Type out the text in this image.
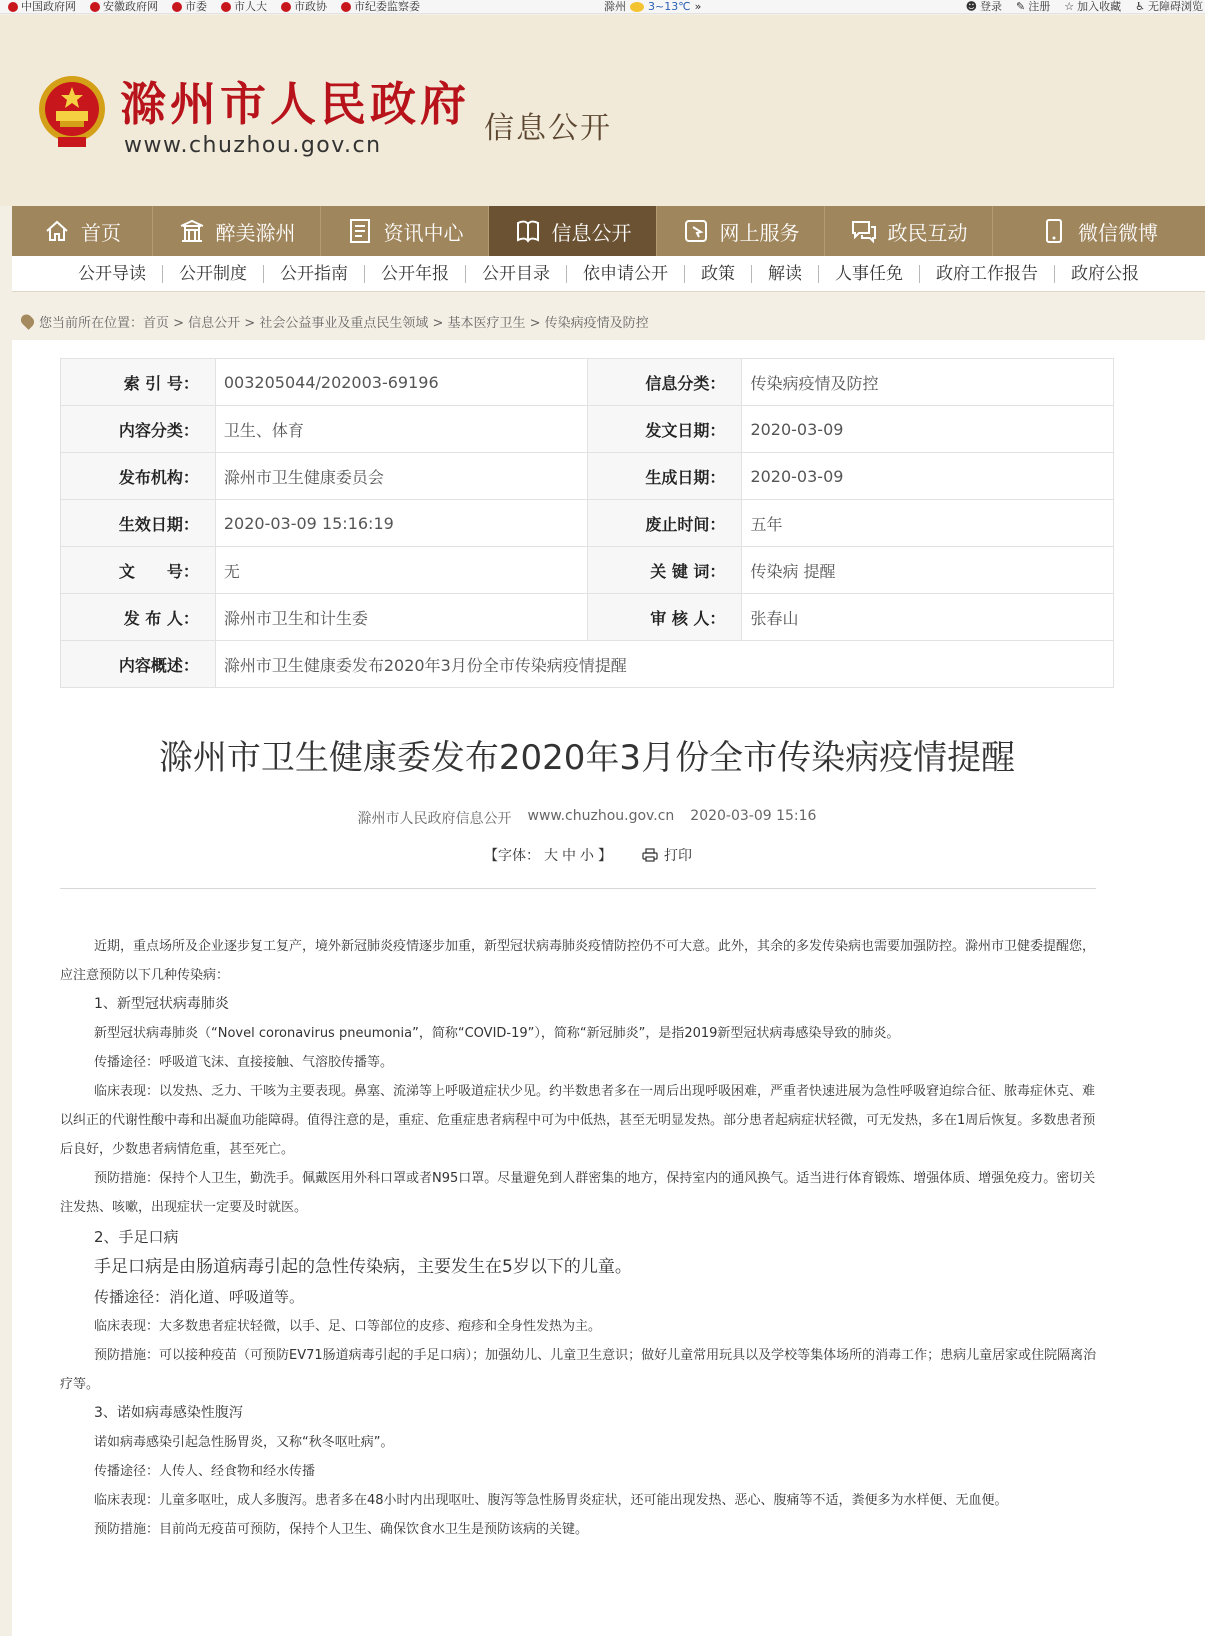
中国政府网 安徽政府网 市委 市人大 市政协 市纪委监察委	滁州 3~13℃ »	☻ 登录 ✎ 注册 ☆ 加入收藏 ♿ 无障碍浏览
滁州市人民政府
www.chuzhou.gov.cn	信息公开
首页	醉美滁州	资讯中心	信息公开	网上服务	政民互动	微信微博
公开导读	公开制度	公开指南	公开年报	公开目录	依申请公开	政策	解读	人事任免	政府工作报告	政府公报
您当前所在位置：首页 > 信息公开 > 社会公益事业及重点民生领域 > 基本医疗卫生 > 传染病疫情及防控
索 引 号：	003205044/202003-69196	信息分类：	传染病疫情及防控
内容分类：	卫生、体育	发文日期：	2020-03-09
发布机构：	滁州市卫生健康委员会	生成日期：	2020-03-09
生效日期：	2020-03-09 15:16:19	废止时间：	五年
文　　号：	无	关 键 词：	传染病 提醒
发 布 人：	滁州市卫生和计生委	审 核 人：	张春山
内容概述：	滁州市卫生健康委发布2020年3月份全市传染病疫情提醒		
滁州市卫生健康委发布2020年3月份全市传染病疫情提醒
滁州市人民政府信息公开 www.chuzhou.gov.cn 2020-03-09 15:16
【字体： 大 中 小 】	打印

近期，重点场所及企业逐步复工复产，境外新冠肺炎疫情逐步加重，新型冠状病毒肺炎疫情防控仍不可大意。此外，其余的多发传染病也需要加强防控。滁州市卫健委提醒您，应注意预防以下几种传染病：

1、新型冠状病毒肺炎

新型冠状病毒肺炎（“Novel coronavirus pneumonia”，简称“COVID-19”），简称“新冠肺炎”，是指2019新型冠状病毒感染导致的肺炎。

传播途径：呼吸道飞沫、直接接触、气溶胶传播等。

临床表现：以发热、乏力、干咳为主要表现。鼻塞、流涕等上呼吸道症状少见。约半数患者多在一周后出现呼吸困难，严重者快速进展为急性呼吸窘迫综合征、脓毒症休克、难以纠正的代谢性酸中毒和出凝血功能障碍。值得注意的是，重症、危重症患者病程中可为中低热，甚至无明显发热。部分患者起病症状轻微，可无发热，多在1周后恢复。多数患者预后良好，少数患者病情危重，甚至死亡。

预防措施：保持个人卫生，勤洗手。佩戴医用外科口罩或者N95口罩。尽量避免到人群密集的地方，保持室内的通风换气。适当进行体育锻炼、增强体质、增强免疫力。密切关注发热、咳嗽，出现症状一定要及时就医。

2、手足口病

手足口病是由肠道病毒引起的急性传染病，主要发生在5岁以下的儿童。

传播途径：消化道、呼吸道等。

临床表现：大多数患者症状轻微，以手、足、口等部位的皮疹、疱疹和全身性发热为主。

预防措施：可以接种疫苗（可预防EV71肠道病毒引起的手足口病）；加强幼儿、儿童卫生意识；做好儿童常用玩具以及学校等集体场所的消毒工作；患病儿童居家或住院隔离治疗等。

3、诺如病毒感染性腹泻

诺如病毒感染引起急性肠胃炎，又称“秋冬呕吐病”。

传播途径：人传人、经食物和经水传播

临床表现：儿童多呕吐，成人多腹泻。患者多在48小时内出现呕吐、腹泻等急性肠胃炎症状，还可能出现发热、恶心、腹痛等不适，粪便多为水样便、无血便。

预防措施：目前尚无疫苗可预防，保持个人卫生、确保饮食水卫生是预防该病的关键。
